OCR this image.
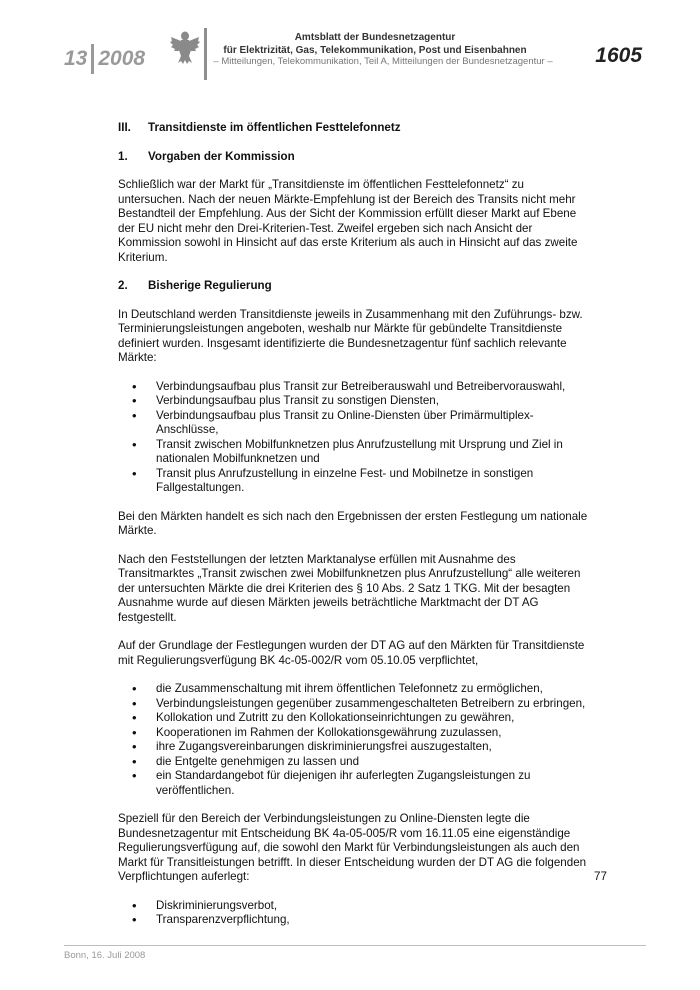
13 2008
Amtsblatt der Bundesnetzagentur
für Elektrizität, Gas, Telekommunikation, Post und Eisenbahnen
– Mitteilungen, Telekommunikation, Teil A, Mitteilungen der Bundesnetzagentur – 1605
III.	Transitdienste im öffentlichen Festtelefonnetz
1.	Vorgaben der Kommission

Schließlich war der Markt für „Transitdienste im öffentlichen Festtelefonnetz“ zu untersuchen. Nach der neuen Märkte-Empfehlung ist der Bereich des Transits nicht mehr Bestandteil der Empfehlung. Aus der Sicht der Kommission erfüllt dieser Markt auf Ebene der EU nicht mehr den Drei-Kriterien-Test. Zweifel ergeben sich nach Ansicht der Kommission sowohl in Hinsicht auf das erste Kriterium als auch in Hinsicht auf das zweite Kriterium.

2.	Bisherige Regulierung

In Deutschland werden Transitdienste jeweils in Zusammenhang mit den Zuführungs- bzw. Terminierungsleistungen angeboten, weshalb nur Märkte für gebündelte Transitdienste definiert wurden. Insgesamt identifizierte die Bundesnetzagentur fünf sachlich relevante Märkte:

• Verbindungsaufbau plus Transit zur Betreiberauswahl und Betreibervorauswahl,
• Verbindungsaufbau plus Transit zu sonstigen Diensten,
• Verbindungsaufbau plus Transit zu Online-Diensten über Primärmultiplex-Anschlüsse,
• Transit zwischen Mobilfunknetzen plus Anrufzustellung mit Ursprung und Ziel in nationalen Mobilfunknetzen und
• Transit plus Anrufzustellung in einzelne Fest- und Mobilnetze in sonstigen Fallgestaltungen.

Bei den Märkten handelt es sich nach den Ergebnissen der ersten Festlegung um nationale Märkte.

Nach den Feststellungen der letzten Marktanalyse erfüllen mit Ausnahme des Transitmarktes „Transit zwischen zwei Mobilfunknetzen plus Anrufzustellung“ alle weiteren der untersuchten Märkte die drei Kriterien des § 10 Abs. 2 Satz 1 TKG. Mit der besagten Ausnahme wurde auf diesen Märkten jeweils beträchtliche Marktmacht der DT AG festgestellt.

Auf der Grundlage der Festlegungen wurden der DT AG auf den Märkten für Transitdienste mit Regulierungsverfügung BK 4c-05-002/R vom 05.10.05 verpflichtet,

• die Zusammenschaltung mit ihrem öffentlichen Telefonnetz zu ermöglichen,
• Verbindungsleistungen gegenüber zusammengeschalteten Betreibern zu erbringen,
• Kollokation und Zutritt zu den Kollokationseinrichtungen zu gewähren,
• Kooperationen im Rahmen der Kollokationsgewährung zuzulassen,
• ihre Zugangsvereinbarungen diskriminierungsfrei auszugestalten,
• die Entgelte genehmigen zu lassen und
• ein Standardangebot für diejenigen ihr auferlegten Zugangsleistungen zu veröffentlichen.

Speziell für den Bereich der Verbindungsleistungen zu Online-Diensten legte die Bundesnetzagentur mit Entscheidung BK 4a-05-005/R vom 16.11.05 eine eigenständige Regulierungsverfügung auf, die sowohl den Markt für Verbindungsleistungen als auch den Markt für Transitleistungen betrifft. In dieser Entscheidung wurden der DT AG die folgenden Verpflichtungen auferlegt:

• Diskriminierungsverbot,
• Transparenzverpflichtung,
77
Bonn, 16. Juli 2008
